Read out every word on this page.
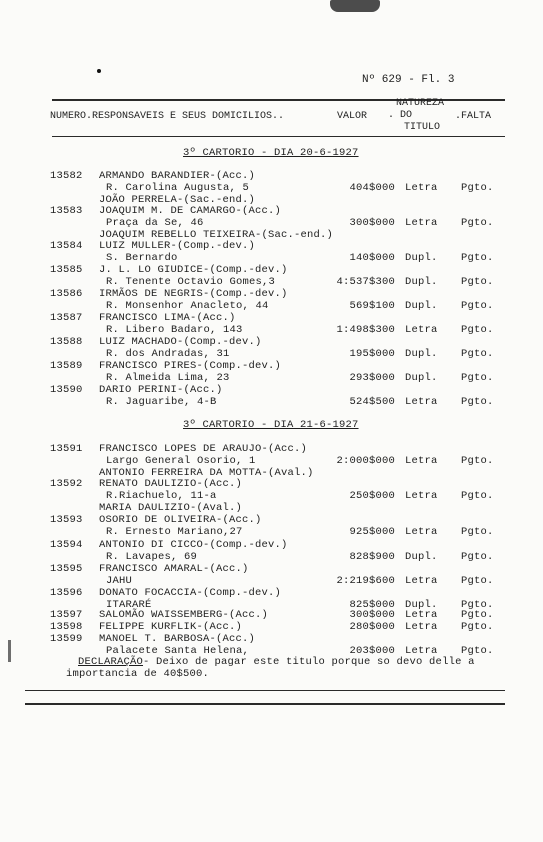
Nº 629 - Fl. 3
NUMERO.RESPONSAVEIS E SEUS DOMICILIOS..	VALOR
NATUREZA
. DO
TITULO
.FALTA
3º CARTORIO - DIA 20-6-1927
13582 ARMANDO BARANDIER-(Acc.)
R. Carolina Augusta, 5
JOÃO PERRELA-(Sac.-end.)
404$000 Letra Pgto.
13583 JOAQUIM M. DE CAMARGO-(Acc.)
Praça da Se, 46
JOAQUIM REBELLO TEIXEIRA-(Sac.-end.)
300$000 Letra Pgto.
13584 LUIZ MULLER-(Comp.-dev.)
S. Bernardo	140$000 Dupl. Pgto.
13585 J. L. LO GIUDICE-(Comp.-dev.)
R. Tenente Octavio Gomes,3	4:537$300 Dupl. Pgto.
13586 IRMÃOS DE NEGRIS-(Comp.-dev.)
R. Monsenhor Anacleto, 44	569$100 Dupl. Pgto.
13587 FRANCISCO LIMA-(Acc.)
R. Libero Badaro, 143	1:498$300 Letra Pgto.
13588 LUIZ MACHADO-(Comp.-dev.)
R. dos Andradas, 31	195$000 Dupl. Pgto.
13589 FRANCISCO PIRES-(Comp.-dev.)
R. Almeida Lima, 23	293$000 Dupl. Pgto.
13590 DARIO PERINI-(Acc.)
R. Jaguaribe, 4-B	524$500 Letra Pgto.
3º CARTORIO - DIA 21-6-1927
13591 FRANCISCO LOPES DE ARAUJO-(Acc.)
Largo General Osorio, 1
ANTONIO FERREIRA DA MOTTA-(Aval.)
2:000$000 Letra Pgto.
13592 RENATO DAULIZIO-(Acc.)
R.Riachuelo, 11-a
MARIA DAULIZIO-(Aval.)
250$000 Letra Pgto.
13593 OSORIO DE OLIVEIRA-(Acc.)
R. Ernesto Mariano,27	925$000 Letra Pgto.
13594 ANTONIO DI CICCO-(Comp.-dev.)
R. Lavapes, 69	828$900 Dupl. Pgto.
13595 FRANCISCO AMARAL-(Acc.)
JAHU	2:219$600 Letra Pgto.
13596 DONATO FOCACCIA-(Comp.-dev.)
ITARARÉ	825$000 Dupl. Pgto.
13597 SALOMÃO WAISSEMBERG-(Acc.)	300$000 Letra Pgto.
13598 FELIPPE KURFLIK-(Acc.)	280$000 Letra Pgto.
13599 MANOEL T. BARBOSA-(Acc.)
Palacete Santa Helena,	203$000 Letra Pgto.
DECLARAÇÃO- Deixo de pagar este titulo porque so devo delle a
importancia de 40$500.
